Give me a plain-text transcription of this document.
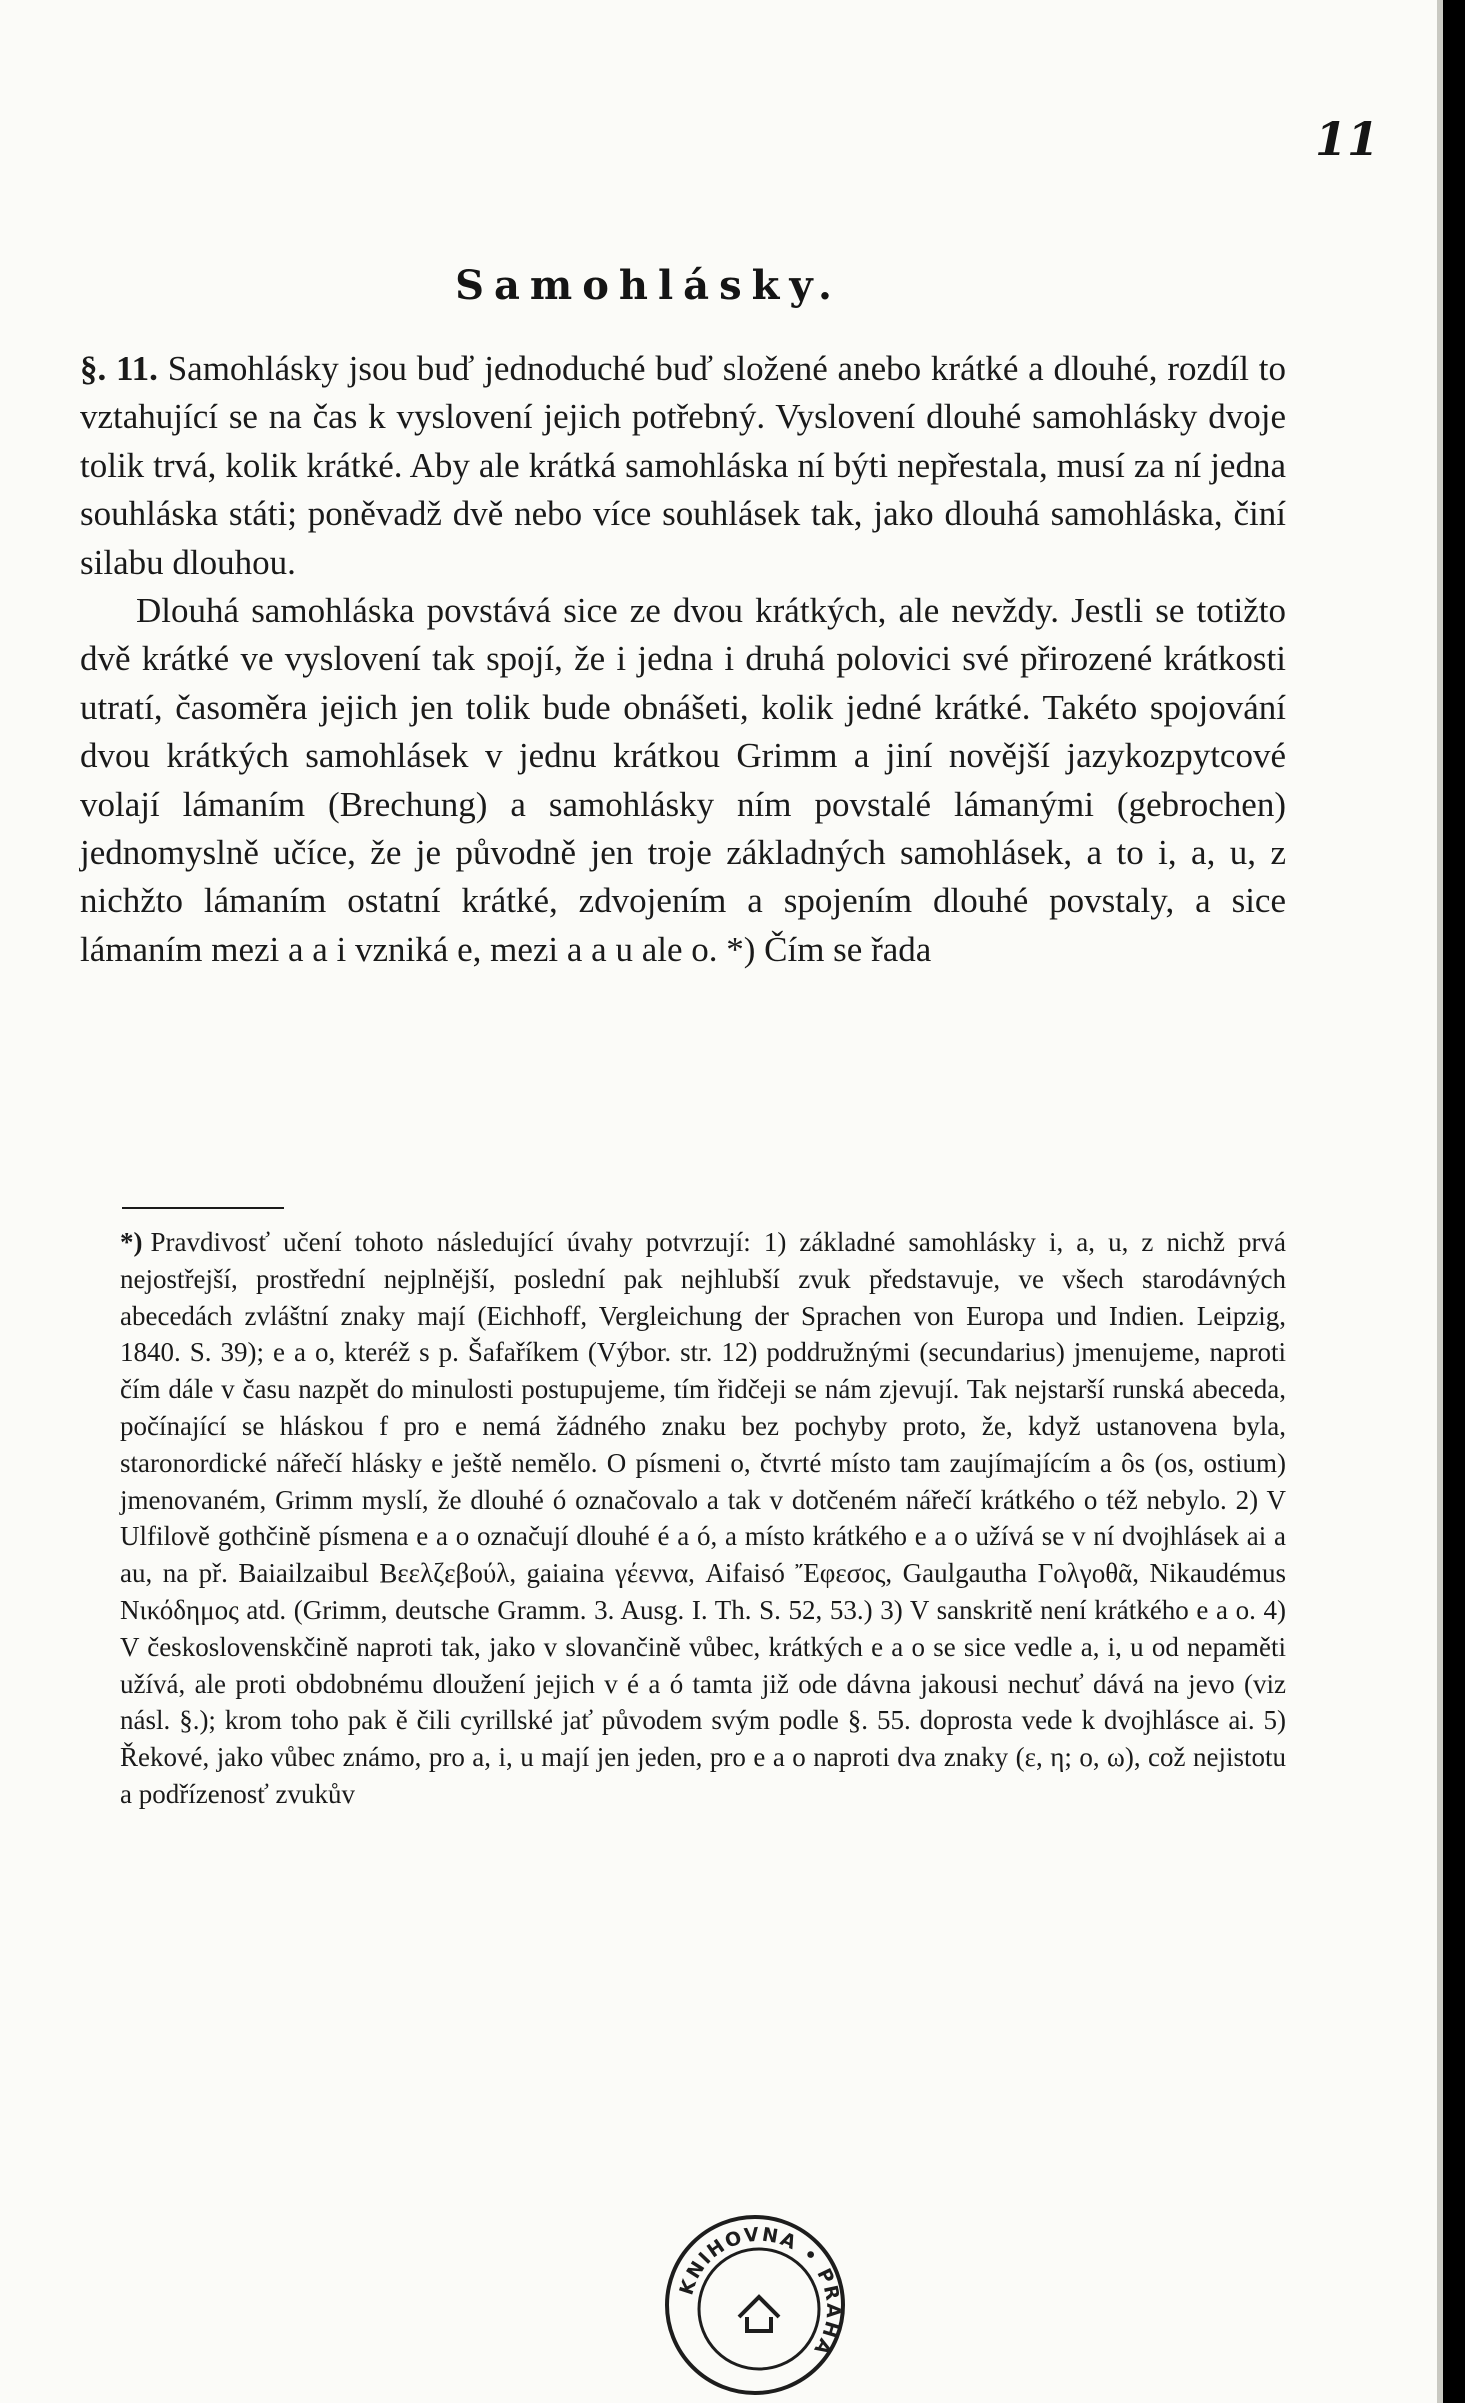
11

Samohlásky.

§. 11. Samohlásky jsou buď jednoduché buď složené anebo krátké a dlouhé, rozdíl to vztahující se na čas k vyslovení jejich potřebný. Vyslovení dlouhé samohlásky dvoje tolik trvá, kolik krátké. Aby ale krátká samohláska ní býti nepřestala, musí za ní jedna souhláska státi; poněvadž dvě nebo více souhlásek tak, jako dlouhá samohláska, činí silabu dlouhou.

Dlouhá samohláska povstává sice ze dvou krátkých, ale nevždy. Jestli se totižto dvě krátké ve vyslovení tak spojí, že i jedna i druhá polovici své přirozené krátkosti utratí, časoměra jejich jen tolik bude obnášeti, kolik jedné krátké. Takéto spojování dvou krátkých samohlásek v jednu krátkou Grimm a jiní novější jazykozpytcové volají lámaním (Brechung) a samohlásky ním povstalé lámanými (gebrochen) jednomyslně učíce, že je původně jen troje základných samohlásek, a to i, a, u, z nichžto lámaním ostatní krátké, zdvojením a spojením dlouhé povstaly, a sice lámaním mezi a a i vzniká e, mezi a a u ale o. *) Čím se řada

*) Pravdivosť učení tohoto následující úvahy potvrzují: 1) základné samohlásky i, a, u, z nichž prvá nejostřejší, prostřední nejplnější, poslední pak nejhlubší zvuk představuje, ve všech starodávných abecedách zvláštní znaky mají (Eichhoff, Vergleichung der Sprachen von Europa und Indien. Leipzig, 1840. S. 39); e a o, kteréž s p. Šafaříkem (Výbor. str. 12) poddružnými (secundarius) jmenujeme, naproti čím dále v času nazpět do minulosti postupujeme, tím řidčeji se nám zjevují. Tak nejstarší runská abeceda, počínající se hláskou f pro e nemá žádného znaku bez pochyby proto, že, když ustanovena byla, staronordické nářečí hlásky e ještě nemělo. O písmeni o, čtvrté místo tam zaujímajícím a ôs (os, ostium) jmenovaném, Grimm myslí, že dlouhé ó označovalo a tak v dotčeném nářečí krátkého o též nebylo. 2) V Ulfilově gothčině písmena e a o označují dlouhé é a ó, a místo krátkého e a o užívá se v ní dvojhlásek ai a au, na př. Baiailzaibul Βεελζεβούλ, gaiaina γέεννα, Aifaisó Ἔφεσος, Gaulgautha Γολγοθᾶ, Nikaudémus Νικόδημος atd. (Grimm, deutsche Gramm. 3. Ausg. I. Th. S. 52, 53.) 3) V sanskritě není krátkého e a o. 4) V československčině naproti tak, jako v slovančině vůbec, krátkých e a o se sice vedle a, i, u od nepaměti užívá, ale proti obdobnému dloužení jejich v é a ó tamta již ode dávna jakousi nechuť dává na jevo (viz násl. §.); krom toho pak ě čili cyrillské jať původem svým podle §. 55. doprosta vede k dvojhlásce ai. 5) Řekové, jako vůbec známo, pro a, i, u mají jen jeden, pro e a o naproti dva znaky (ε, η; ο, ω), což nejistotu a podřízenosť zvukův

KNIHOVNA • PRAHA
